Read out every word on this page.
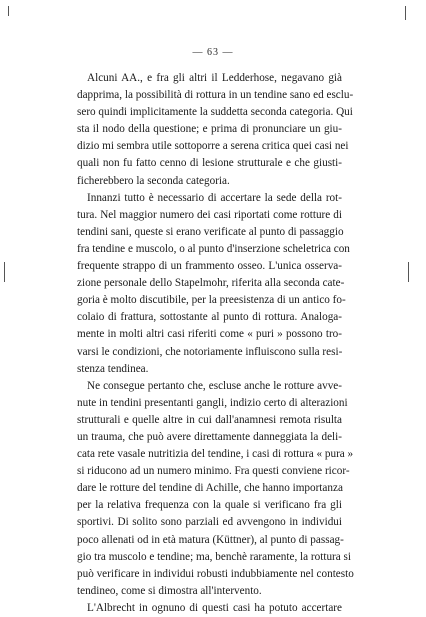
— 63 —
Alcuni AA., e fra gli altri il Ledderhose, negavano già
dapprima, la possibilità di rottura in un tendine sano ed esclu-
sero quindi implicitamente la suddetta seconda categoria. Qui
sta il nodo della questione; e prima di pronunciare un giu-
dizio mi sembra utile sottoporre a serena critica quei casi nei
quali non fu fatto cenno di lesione strutturale e che giusti-
ficherebbero la seconda categoria.
Innanzi tutto è necessario di accertare la sede della rot-
tura. Nel maggior numero dei casi riportati come rotture di
tendini sani, queste si erano verificate al punto di passaggio
fra tendine e muscolo, o al punto d'inserzione scheletrica con
frequente strappo di un frammento osseo. L'unica osserva-
zione personale dello Stapelmohr, riferita alla seconda cate-
goria è molto discutibile, per la preesistenza di un antico fo-
colaio di frattura, sottostante al punto di rottura. Analoga-
mente in molti altri casi riferiti come « puri » possono tro-
varsi le condizioni, che notoriamente influiscono sulla resi-
stenza tendinea.
Ne consegue pertanto che, escluse anche le rotture avve-
nute in tendini presentanti gangli, indizio certo di alterazioni
strutturali e quelle altre in cui dall'anamnesi remota risulta
un trauma, che può avere direttamente danneggiata la deli-
cata rete vasale nutritizia del tendine, i casi di rottura « pura »
si riducono ad un numero minimo. Fra questi conviene ricor-
dare le rotture del tendine di Achille, che hanno importanza
per la relativa frequenza con la quale si verificano fra gli
sportivi. Di solito sono parziali ed avvengono in individui
poco allenati od in età matura (Küttner), al punto di passag-
gio tra muscolo e tendine; ma, benchè raramente, la rottura si
può verificare in individui robusti indubbiamente nel contesto
tendineo, come si dimostra all'intervento.
L'Albrecht in ognuno di questi casi ha potuto accertare
